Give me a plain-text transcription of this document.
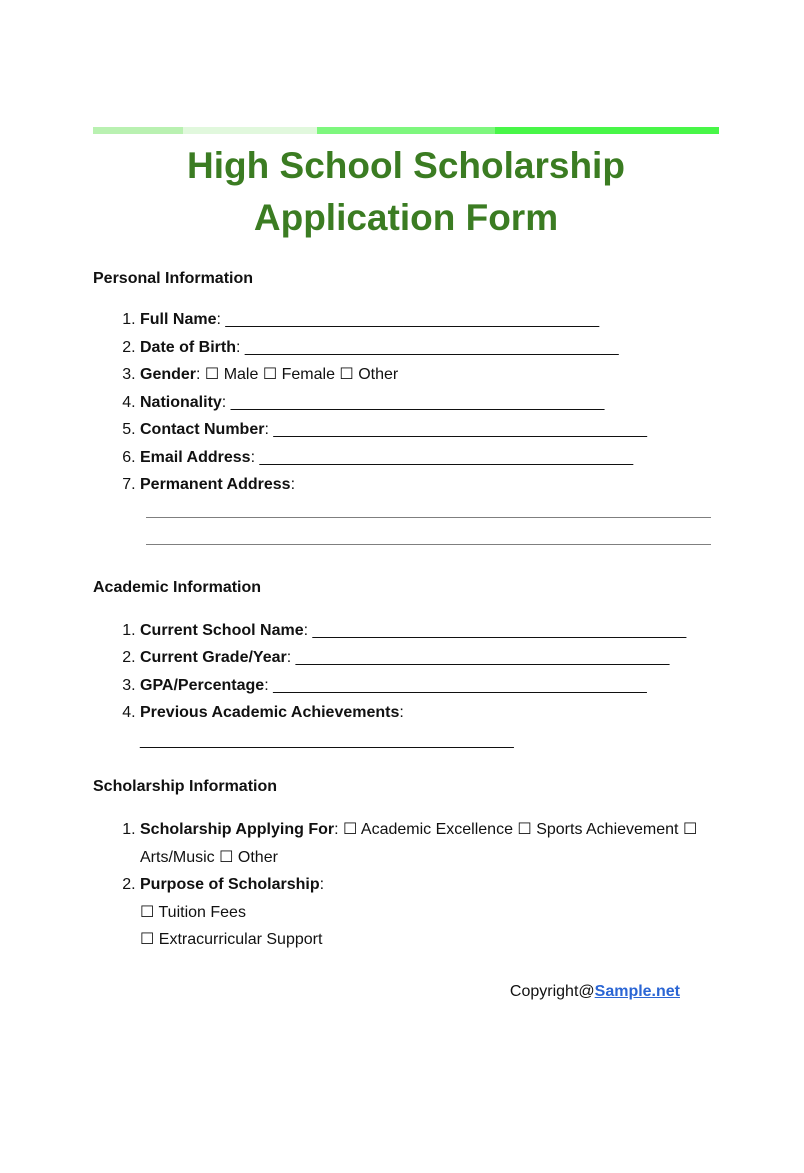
High School Scholarship Application Form
Personal Information
1. Full Name: __________________________________________
2. Date of Birth: __________________________________________
3. Gender: ☐ Male ☐ Female ☐ Other
4. Nationality: __________________________________________
5. Contact Number: __________________________________________
6. Email Address: __________________________________________
7. Permanent Address:
Academic Information
1. Current School Name: __________________________________________
2. Current Grade/Year: __________________________________________
3. GPA/Percentage: __________________________________________
4. Previous Academic Achievements:
__________________________________________
Scholarship Information
1. Scholarship Applying For: ☐ Academic Excellence ☐ Sports Achievement ☐ Arts/Music ☐ Other
2. Purpose of Scholarship:
☐ Tuition Fees
☐ Extracurricular Support
Copyright@Sample.net
